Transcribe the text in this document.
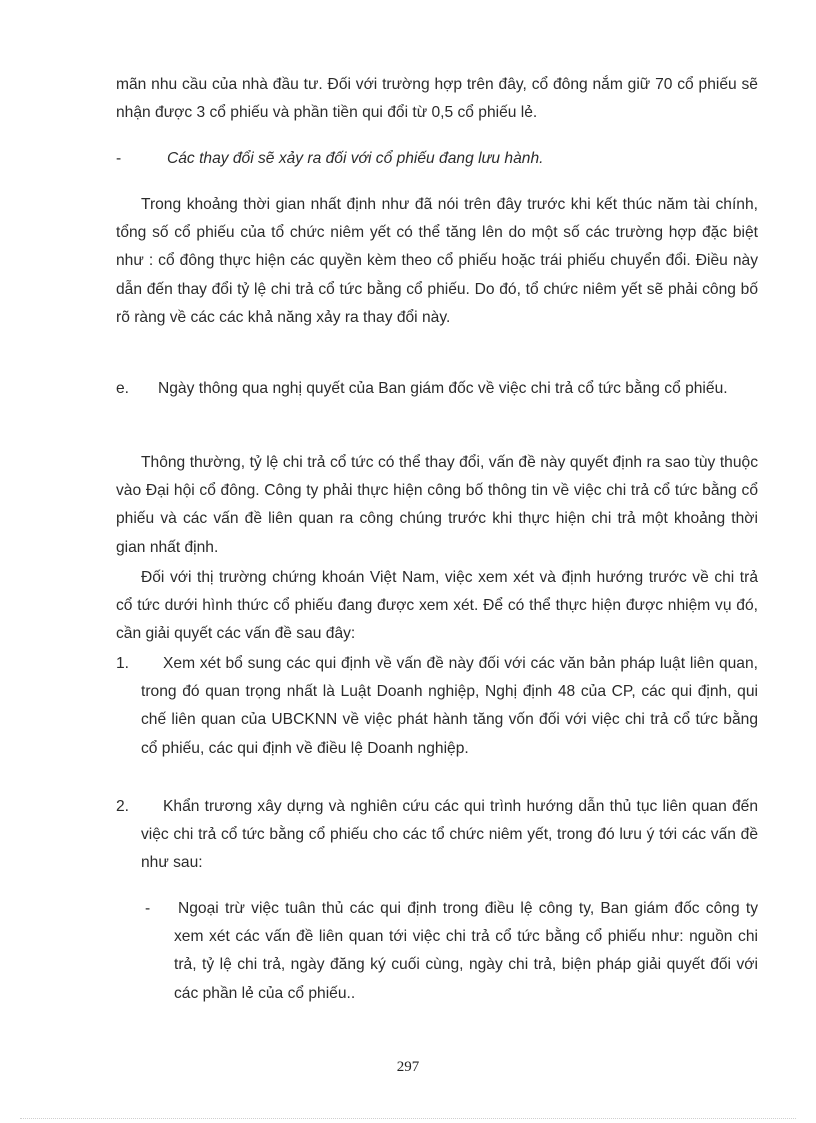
mãn nhu cầu của nhà đầu tư. Đối với trường hợp trên đây, cổ đông nắm giữ 70 cổ phiếu sẽ nhận được 3 cổ phiếu và phần tiền qui đổi từ 0,5 cổ phiếu lẻ.

-	Các thay đổi sẽ xảy ra đối với cổ phiếu đang lưu hành.

Trong khoảng thời gian nhất định như đã nói trên đây trước khi kết thúc năm tài chính, tổng số cổ phiếu của tổ chức niêm yết có thể tăng lên do một số các trường hợp đặc biệt như : cổ đông thực hiện các quyền kèm theo cổ phiếu hoặc trái phiếu chuyển đổi. Điều này dẫn đến thay đổi tỷ lệ chi trả cổ tức bằng cổ phiếu. Do đó, tổ chức niêm yết sẽ phải công bố rõ ràng về các các khả năng xảy ra thay đổi này.

e.	Ngày thông qua nghị quyết của Ban giám đốc về việc chi trả cổ tức bằng cổ phiếu.

Thông thường, tỷ lệ chi trả cổ tức có thể thay đổi, vấn đề này quyết định ra sao tùy thuộc vào Đại hội cổ đông. Công ty phải thực hiện công bố thông tin về việc chi trả cổ tức bằng cổ phiếu và các vấn đề liên quan ra công chúng trước khi thực hiện chi trả một khoảng thời gian nhất định.

Đối với thị trường chứng khoán Việt Nam, việc xem xét và định hướng trước về chi trả cổ tức dưới hình thức cổ phiếu đang được xem xét. Để có thể thực hiện được nhiệm vụ đó, cần giải quyết các vấn đề sau đây:

1.	Xem xét bổ sung các qui định về vấn đề này đối với các văn bản pháp luật liên quan, trong đó quan trọng nhất là Luật Doanh nghiệp, Nghị định 48 của CP, các qui định, qui chế liên quan của UBCKNN về việc phát hành tăng vốn đối với việc chi trả cổ tức bằng cổ phiếu, các qui định về điều lệ Doanh nghiệp.
2.	Khẩn trương xây dựng và nghiên cứu các qui trình hướng dẫn thủ tục liên quan đến việc chi trả cổ tức bằng cổ phiếu cho các tổ chức niêm yết, trong đó lưu ý tới các vấn đề như sau:
- Ngoại trừ việc tuân thủ các qui định trong điều lệ công ty, Ban giám đốc công ty xem xét các vấn đề liên quan tới việc chi trả cổ tức bằng cổ phiếu như: nguồn chi trả, tỷ lệ chi trả, ngày đăng ký cuối cùng, ngày chi trả, biện pháp giải quyết đối với các phần lẻ của cổ phiếu..
297
